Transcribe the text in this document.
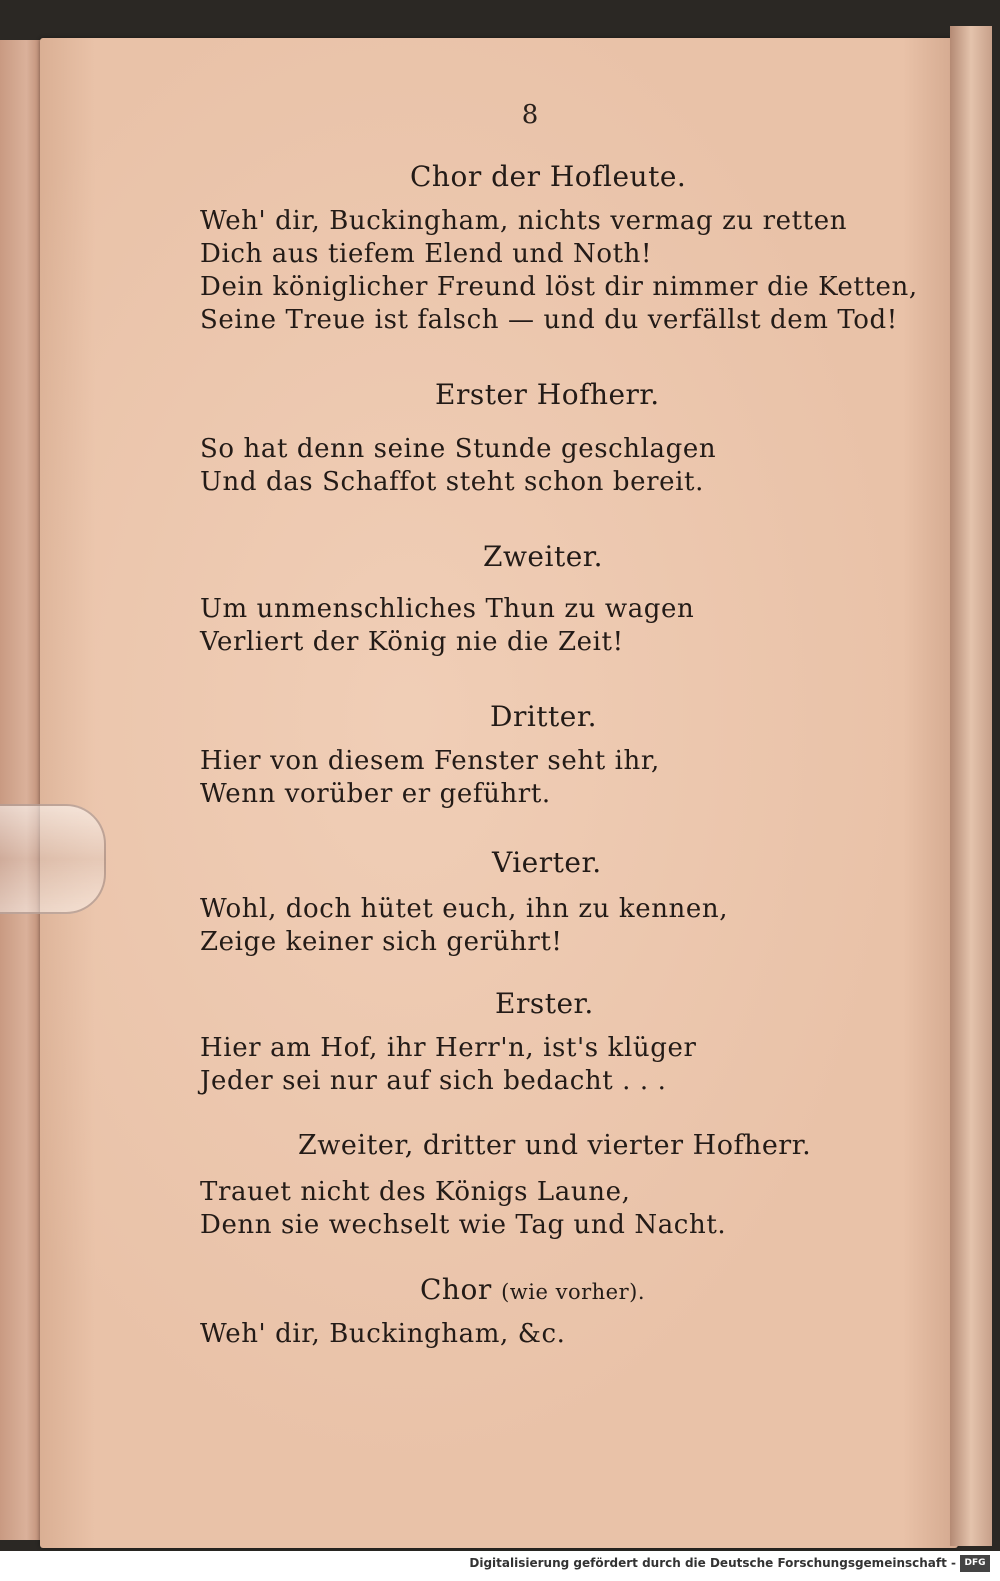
8
Chor der Hofleute.
Weh' dir, Buckingham, nichts vermag zu retten
Dich aus tiefem Elend und Noth!
Dein königlicher Freund löst dir nimmer die Ketten,
Seine Treue ist falsch — und du verfällst dem Tod!
Erster Hofherr.
So hat denn seine Stunde geschlagen
Und das Schaffot steht schon bereit.
Zweiter.
Um unmenschliches Thun zu wagen
Verliert der König nie die Zeit!
Dritter.
Hier von diesem Fenster seht ihr,
Wenn vorüber er geführt.
Vierter.
Wohl, doch hütet euch, ihn zu kennen,
Zeige keiner sich gerührt!
Erster.
Hier am Hof, ihr Herr'n, ist's klüger
Jeder sei nur auf sich bedacht . . .
Zweiter, dritter und vierter Hofherr.
Trauet nicht des Königs Laune,
Denn sie wechselt wie Tag und Nacht.
Chor (wie vorher).
Weh' dir, Buckingham, &c.
Digitalisierung gefördert durch die Deutsche Forschungsgemeinschaft - DFG
